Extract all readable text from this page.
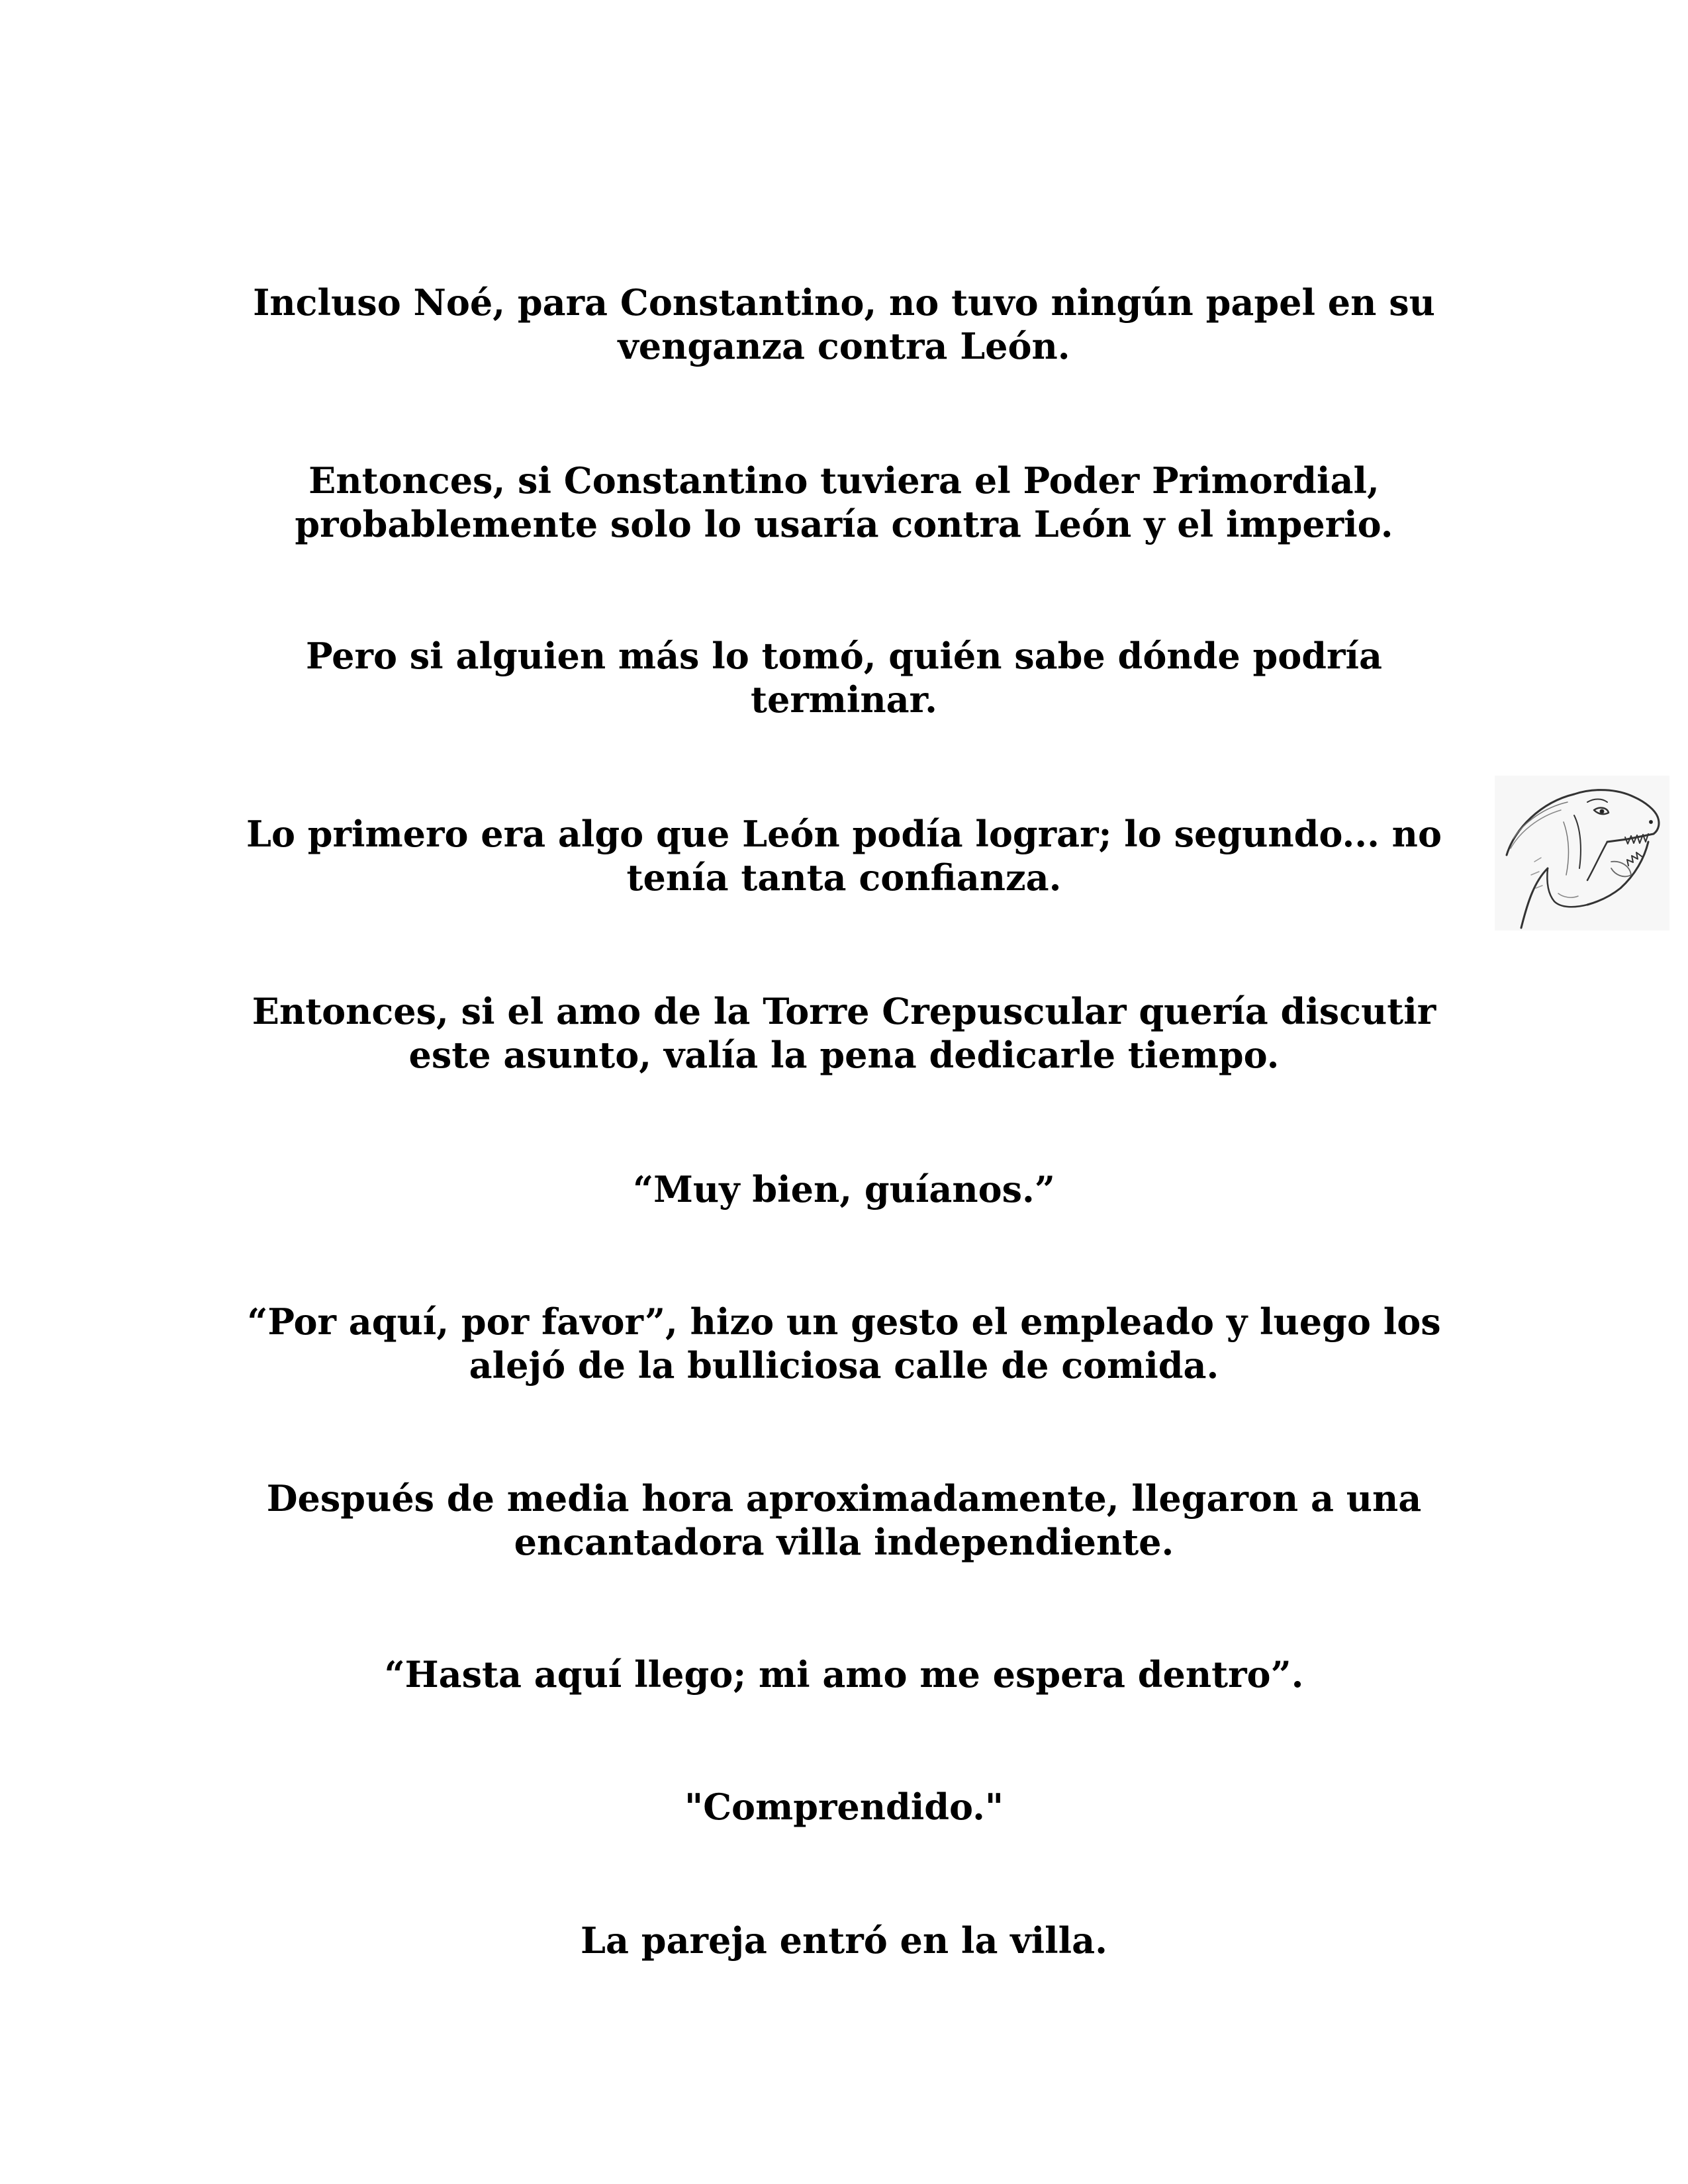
Incluso Noé, para Constantino, no tuvo ningún papel en su
venganza contra León.

Entonces, si Constantino tuviera el Poder Primordial,
probablemente solo lo usaría contra León y el imperio.

Pero si alguien más lo tomó, quién sabe dónde podría
terminar.

Lo primero era algo que León podía lograr; lo segundo... no
tenía tanta confianza.

Entonces, si el amo de la Torre Crepuscular quería discutir
este asunto, valía la pena dedicarle tiempo.

“Muy bien, guíanos.”

“Por aquí, por favor”, hizo un gesto el empleado y luego los
alejó de la bulliciosa calle de comida.

Después de media hora aproximadamente, llegaron a una
encantadora villa independiente.

“Hasta aquí llego; mi amo me espera dentro”.

"Comprendido."

La pareja entró en la villa.
